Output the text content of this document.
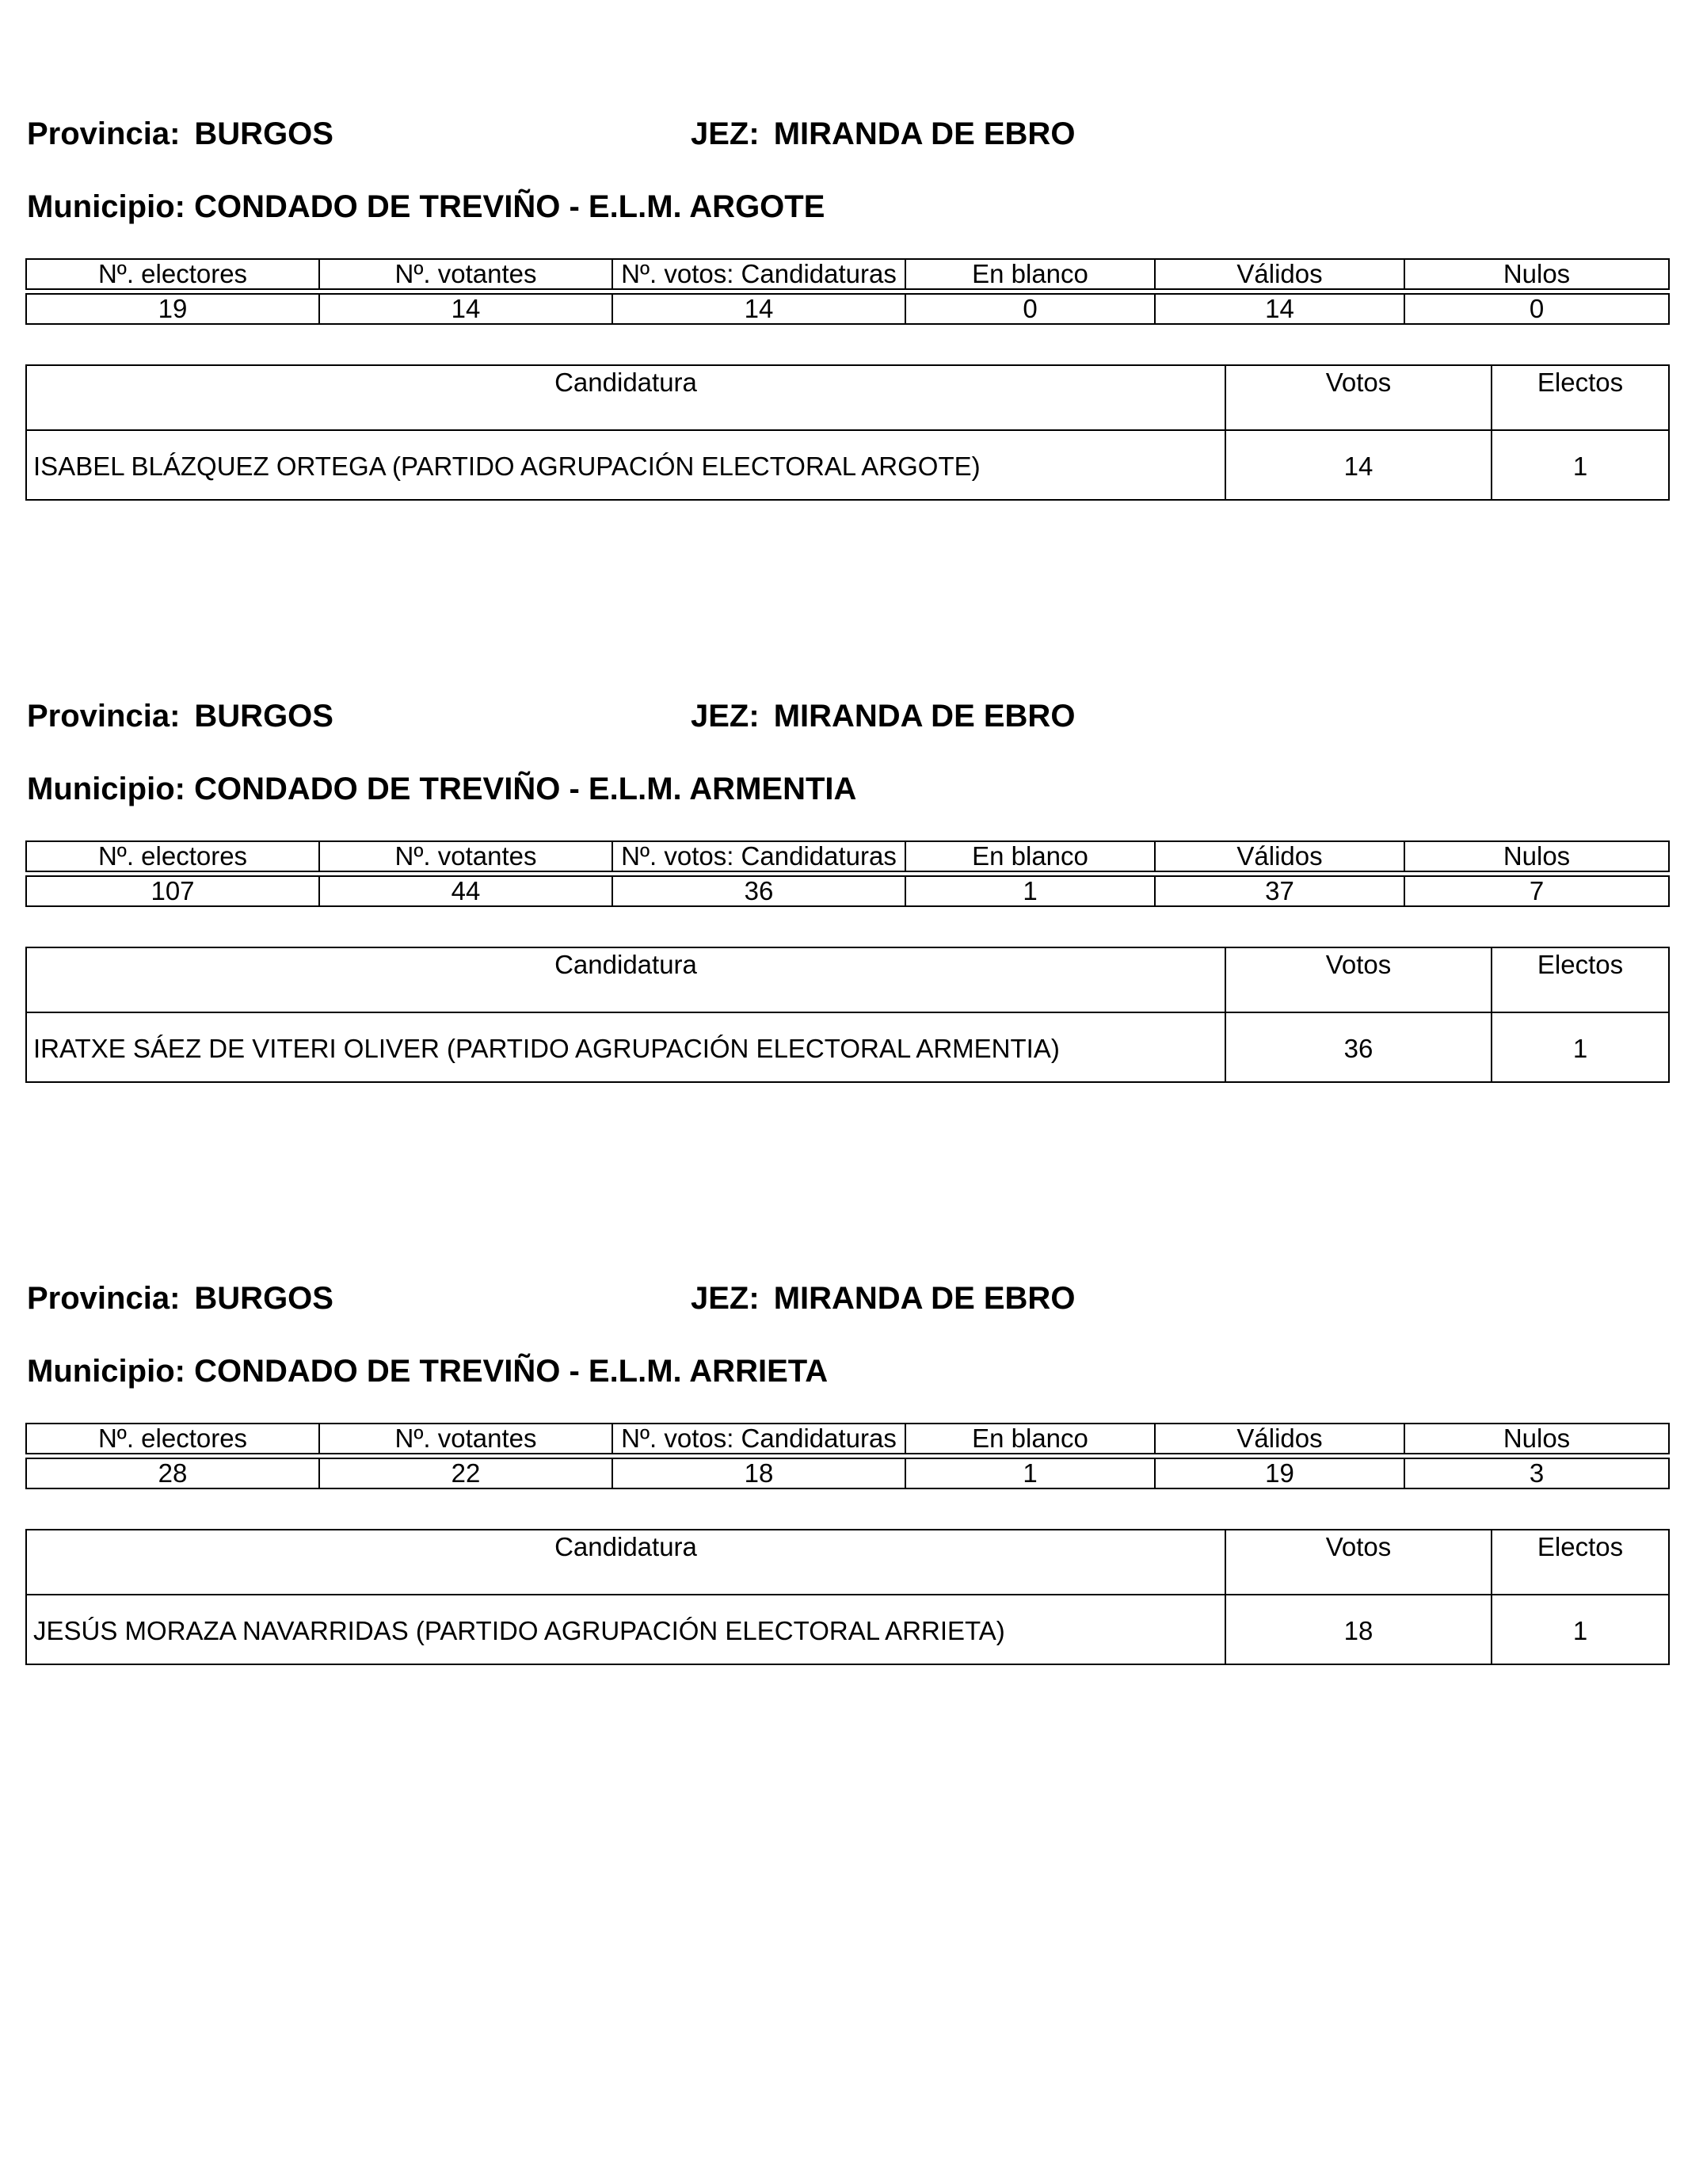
Provincia: BURGOS	JEZ: MIRANDA DE EBRO
Municipio: CONDADO DE TREVIÑO - E.L.M. ARGOTE
Nº. electores	Nº. votantes	Nº. votos: Candidaturas	En blanco	Válidos	Nulos

19	14	14	0	14	0
Candidatura	Votos	Electos
ISABEL BLÁZQUEZ ORTEGA (PARTIDO AGRUPACIÓN ELECTORAL ARGOTE)	14	1
Provincia: BURGOS	JEZ: MIRANDA DE EBRO
Municipio: CONDADO DE TREVIÑO - E.L.M. ARMENTIA
Nº. electores	Nº. votantes	Nº. votos: Candidaturas	En blanco	Válidos	Nulos

107	44	36	1	37	7
Candidatura	Votos	Electos
IRATXE SÁEZ DE VITERI OLIVER (PARTIDO AGRUPACIÓN ELECTORAL ARMENTIA)	36	1
Provincia: BURGOS	JEZ: MIRANDA DE EBRO
Municipio: CONDADO DE TREVIÑO - E.L.M. ARRIETA
Nº. electores	Nº. votantes	Nº. votos: Candidaturas	En blanco	Válidos	Nulos

28	22	18	1	19	3
Candidatura	Votos	Electos
JESÚS MORAZA NAVARRIDAS (PARTIDO AGRUPACIÓN ELECTORAL ARRIETA)	18	1
